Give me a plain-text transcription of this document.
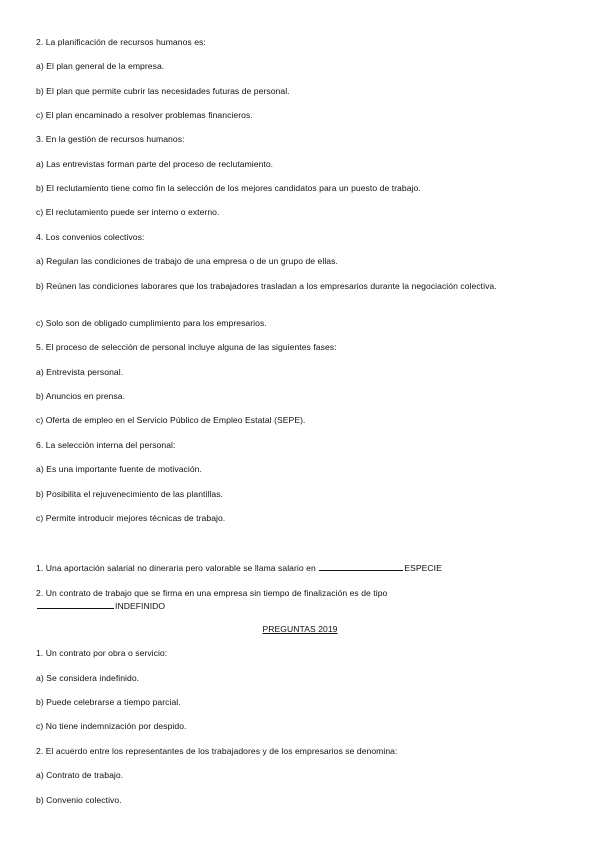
2. La planificación de recursos humanos es:
a) El plan general de la empresa.
b) El plan que permite cubrir las necesidades futuras de personal.
c) El plan encaminado a resolver problemas financieros.
3. En la gestión de recursos humanos:
a) Las entrevistas forman parte del proceso de reclutamiento.
b) El reclutamiento tiene como fin la selección de los mejores candidatos para un puesto de trabajo.
c) El reclutamiento puede ser interno o externo.
4. Los convenios colectivos:
a) Regulan las condiciones de trabajo de una empresa o de un grupo de ellas.
b) Reúnen las condiciones laborares que los trabajadores trasladan a los empresarios durante la negociación colectiva.
c) Solo son de obligado cumplimiento para los empresarios.
5. El proceso de selección de personal incluye alguna de las siguientes fases:
a) Entrevista personal.
b) Anuncios en prensa.
c) Oferta de empleo en el Servicio Público de Empleo Estatal (SEPE).
6. La selección interna del personal:
a) Es una importante fuente de motivación.
b) Posibilita el rejuvenecimiento de las plantillas.
c) Permite introducir mejores técnicas de trabajo.
1. Una aportación salarial no dineraria pero valorable se llama salario en	ESPECIE
2. Un contrato de trabajo que se firma en una empresa sin tiempo de finalización es de tipo
INDEFINIDO
PREGUNTAS 2019
1. Un contrato por obra o servicio:
a) Se considera indefinido.
b) Puede celebrarse a tiempo parcial.
c) No tiene indemnización por despido.
2. El acuerdo entre los representantes de los trabajadores y de los empresarios se denomina:
a) Contrato de trabajo.
b) Convenio colectivo.
